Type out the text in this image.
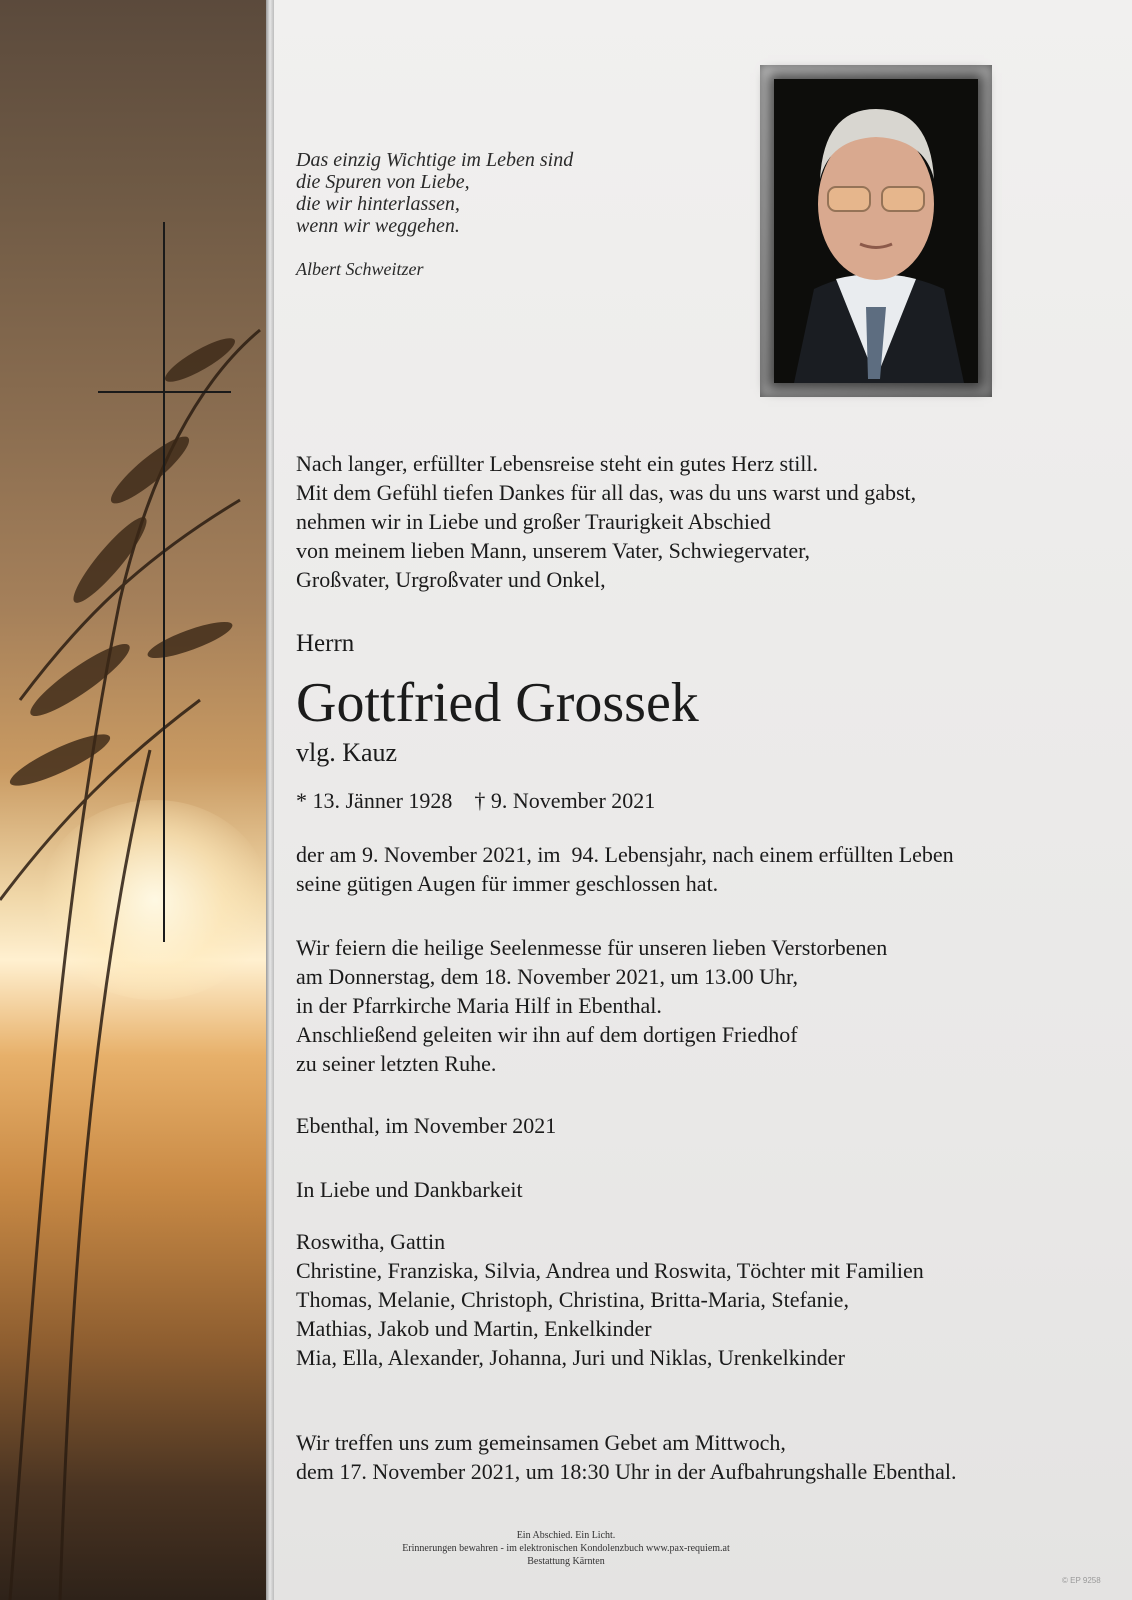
Das einzig Wichtige im Leben sind
die Spuren von Liebe,
die wir hinterlassen,
wenn wir weggehen.
Albert Schweitzer
Nach langer, erfüllter Lebensreise steht ein gutes Herz still.
Mit dem Gefühl tiefen Dankes für all das, was du uns warst und gabst,
nehmen wir in Liebe und großer Traurigkeit Abschied
von meinem lieben Mann, unserem Vater, Schwiegervater,
Großvater, Urgroßvater und Onkel,
Herrn
Gottfried Grossek
vlg. Kauz
* 13. Jänner 1928    † 9. November 2021
der am 9. November 2021, im  94. Lebensjahr, nach einem erfüllten Leben
seine gütigen Augen für immer geschlossen hat.
Wir feiern die heilige Seelenmesse für unseren lieben Verstorbenen
am Donnerstag, dem 18. November 2021, um 13.00 Uhr,
in der Pfarrkirche Maria Hilf in Ebenthal.
Anschließend geleiten wir ihn auf dem dortigen Friedhof
zu seiner letzten Ruhe.
Ebenthal, im November 2021
In Liebe und Dankbarkeit
Roswitha, Gattin
Christine, Franziska, Silvia, Andrea und Roswita, Töchter mit Familien
Thomas, Melanie, Christoph, Christina, Britta-Maria, Stefanie,
Mathias, Jakob und Martin, Enkelkinder
Mia, Ella, Alexander, Johanna, Juri und Niklas, Urenkelkinder
Wir treffen uns zum gemeinsamen Gebet am Mittwoch,
dem 17. November 2021, um 18:30 Uhr in der Aufbahrungshalle Ebenthal.
Ein Abschied. Ein Licht.
Erinnerungen bewahren - im elektronischen Kondolenzbuch www.pax-requiem.at
Bestattung Kärnten
© EP 9258
